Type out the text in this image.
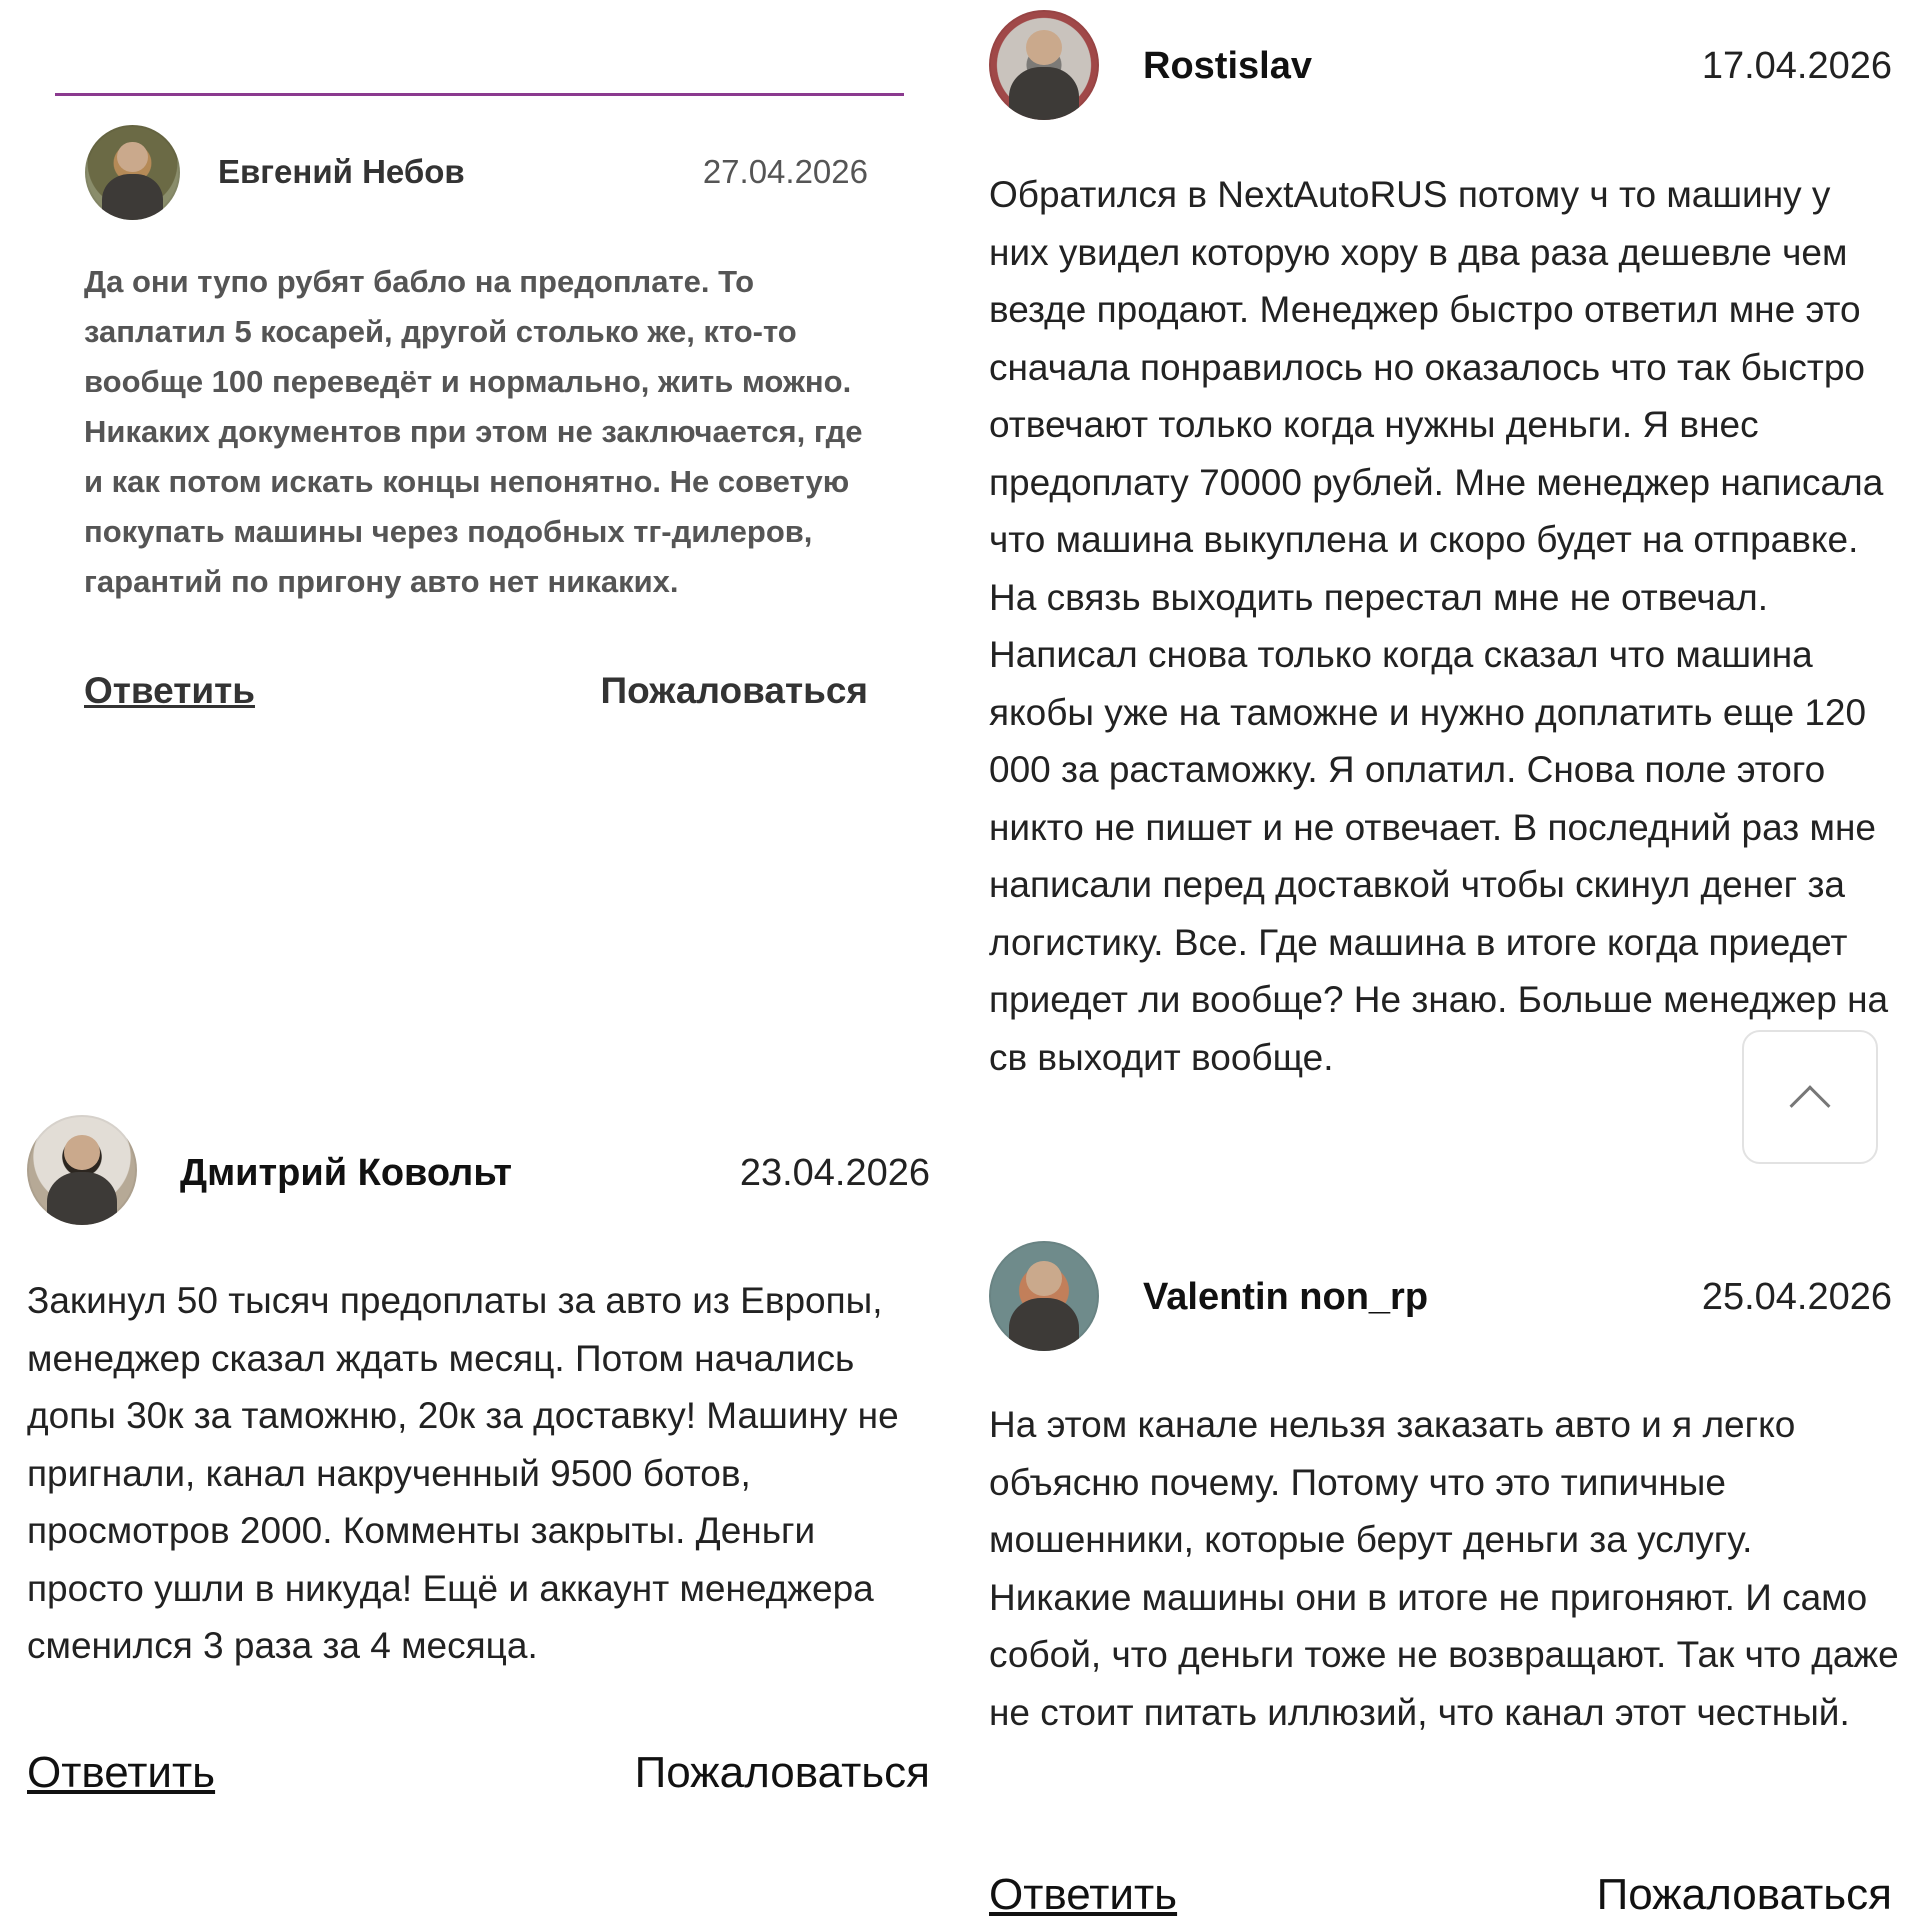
Евгений Небов	27.04.2026

Да они тупо рубят бабло на предоплате. То заплатил 5 косарей, другой столько же, кто-то вообще 100 переведёт и нормально, жить можно. Никаких документов при этом не заключается, где и как потом искать концы непонятно. Не советую покупать машины через подобных тг-дилеров, гарантий по пригону авто нет никаких.

Ответить	Пожаловаться
Дмитрий Ковольт	23.04.2026

Закинул 50 тысяч предоплаты за авто из Европы, менеджер сказал ждать месяц. Потом начались допы 30к за таможню, 20к за доставку! Машину не пригнали, канал накрученный 9500 ботов, просмотров 2000. Комменты закрыты. Деньги просто ушли в никуда! Ещё и аккаунт менеджера сменился 3 раза за 4 месяца.

Ответить	Пожаловаться
Rostislav	17.04.2026

Обратился в NextAutoRUS потому ч то машину у них увидел которую хору в два раза дешевле чем везде продают. Менеджер быстро ответил мне это сначала понравилось но оказалось что так быстро отвечают только когда нужны деньги. Я внес предоплату 70000 рублей. Мне менеджер написала что машина выкуплена и скоро будет на отправке. На связь выходить перестал мне не отвечал. Написал снова только когда сказал что машина якобы уже на таможне и нужно доплатить еще 120 000 за растаможку. Я оплатил. Снова поле этого никто не пишет и не отвечает. В последний раз мне написали перед доставкой чтобы скинул денег за логистику. Все. Где машина в итоге когда приедет приедет ли вообще? Не знаю. Больше менеджер на св выходит вообще.

Valentin non_rp	25.04.2026

На этом канале нельзя заказать авто и я легко объясню почему. Потому что это типичные мошенники, которые берут деньги за услугу. Никакие машины они в итоге не пригоняют. И само собой, что деньги тоже не возвращают. Так что даже не стоит питать иллюзий, что канал этот честный.

Ответить	Пожаловаться
